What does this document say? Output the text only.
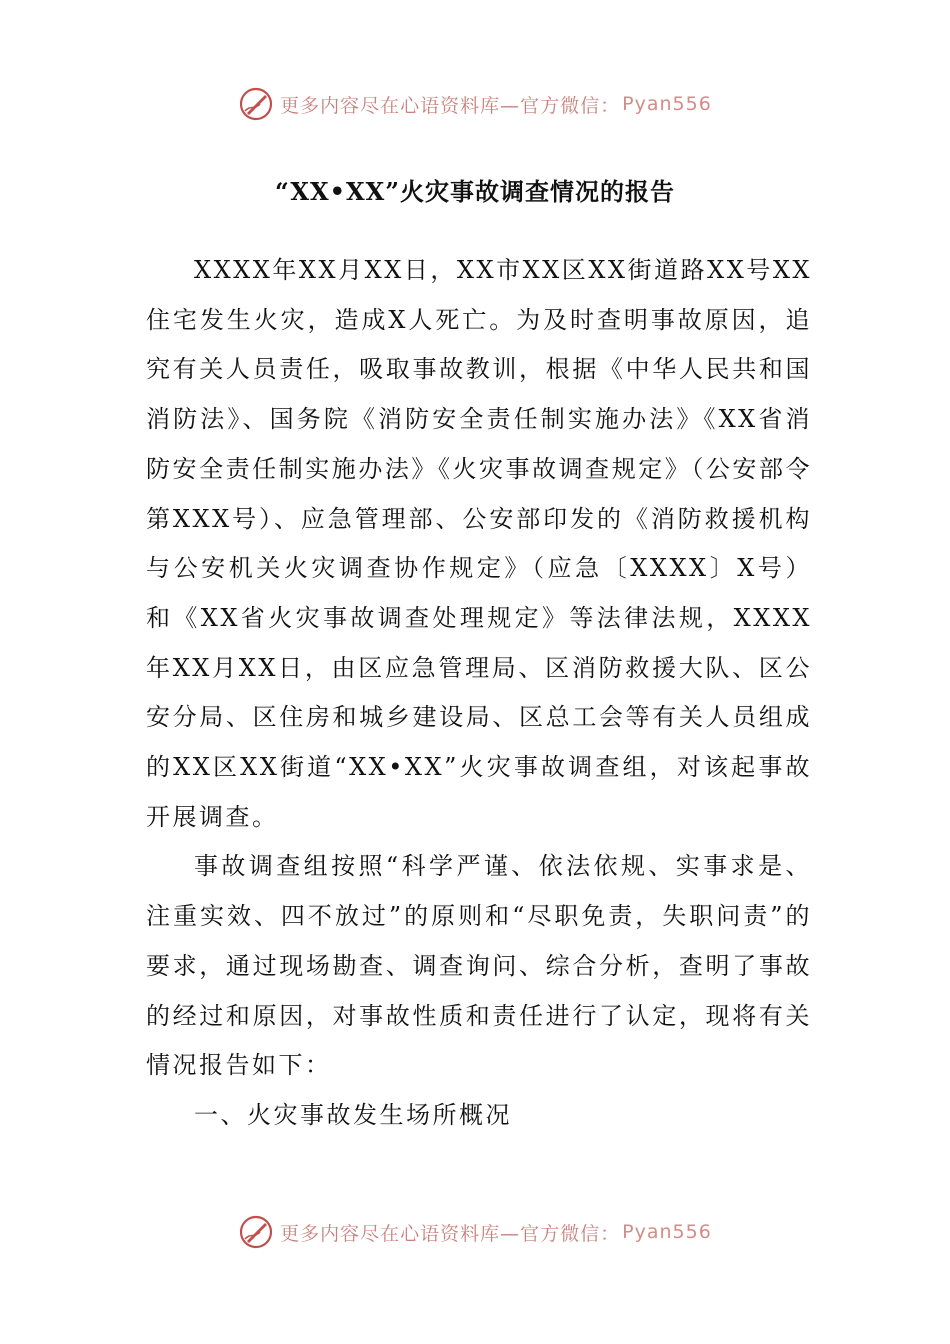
更多内容尽在心语资料库—官方微信： Pyan556
“XX•XX”火灾事故调查情况的报告

XXXX年XX月XX日，XX市XX区XX街道路XX号XX住宅发生火灾，造成X人死亡。为及时查明事故原因，追究有关人员责任，吸取事故教训，根据《中华人民共和国消防法》、国务院《消防安全责任制实施办法》《XX省消防安全责任制实施办法》《火灾事故调查规定》（公安部令第XXX号）、应急管理部、公安部印发的《消防救援机构与公安机关火灾调查协作规定》（应急〔XXXX〕X号）和《XX省火灾事故调查处理规定》等法律法规，XXXX年XX月XX日，由区应急管理局、区消防救援大队、区公安分局、区住房和城乡建设局、区总工会等有关人员组成的XX区XX街道“XX•XX”火灾事故调查组，对该起事故开展调查。

事故调查组按照“科学严谨、依法依规、实事求是、注重实效、四不放过”的原则和“尽职免责，失职问责”的要求，通过现场勘查、调查询问、综合分析，查明了事故的经过和原因，对事故性质和责任进行了认定，现将有关情况报告如下：

一、火灾事故发生场所概况

更多内容尽在心语资料库—官方微信： Pyan556
